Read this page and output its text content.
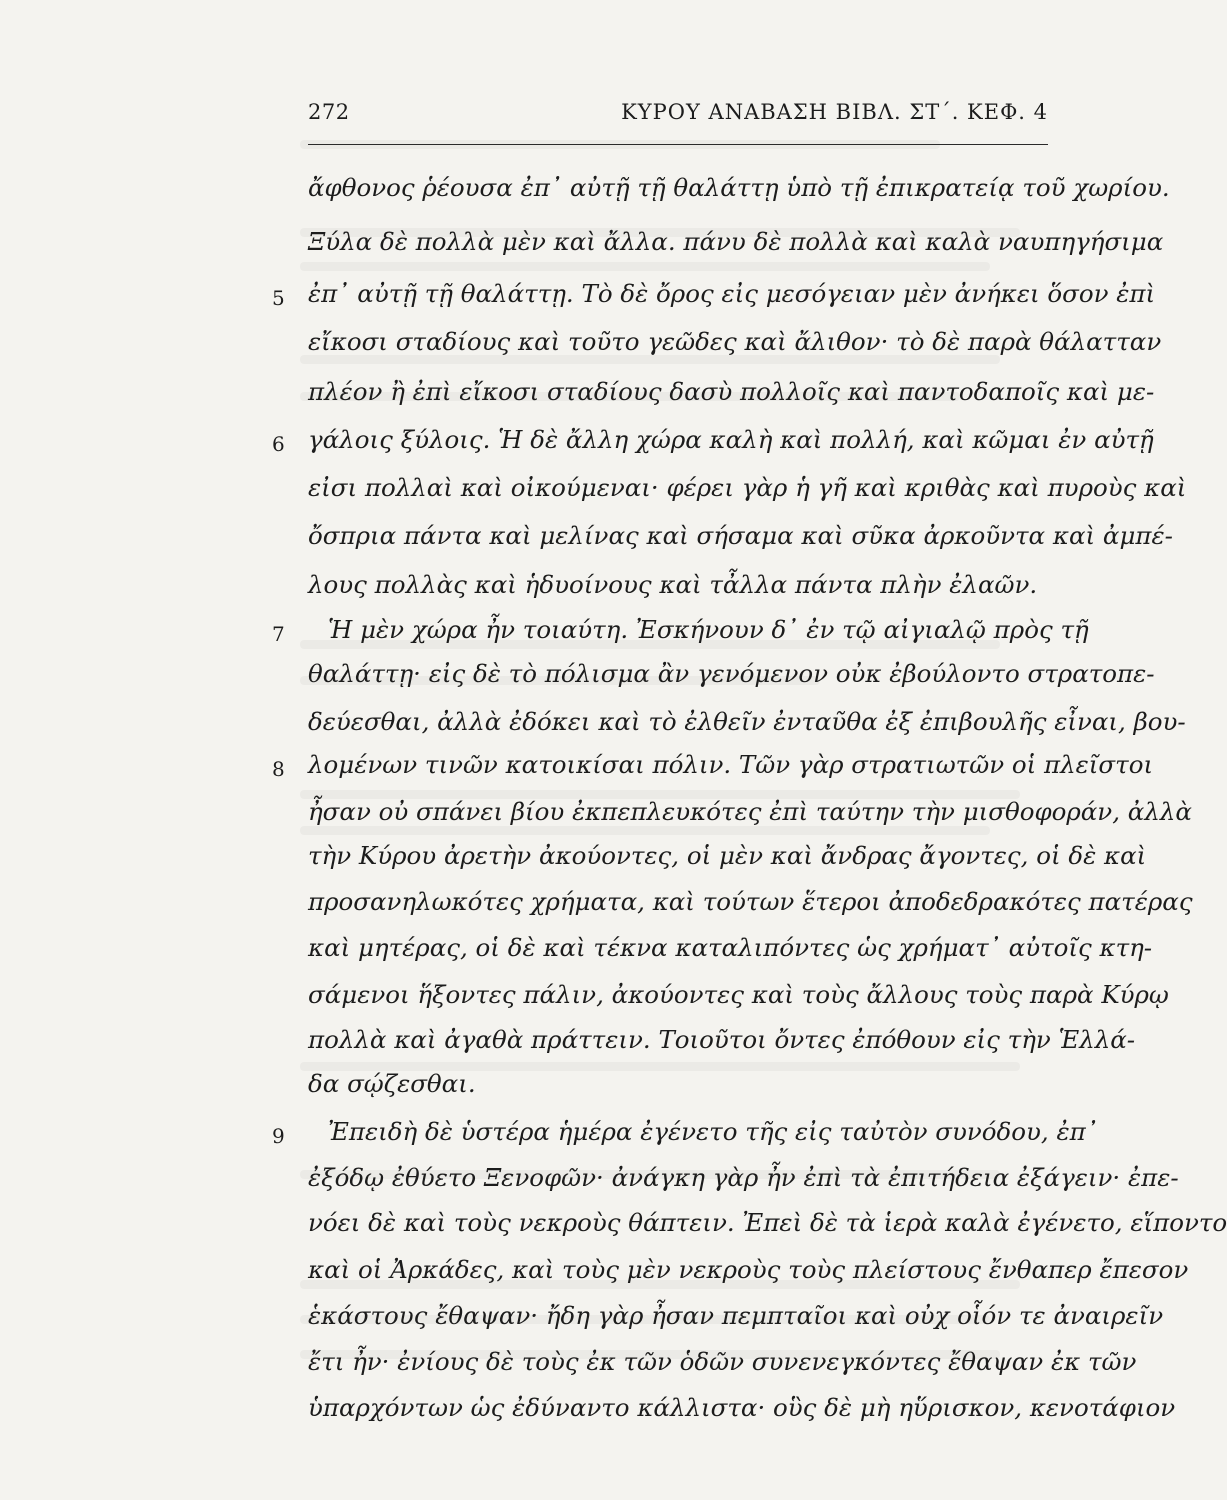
272	ΚΥΡΟΥ ΑΝΑΒΑΣΗ ΒΙΒΛ. ΣΤ΄. ΚΕΦ. 4
ἄφθονος ῥέουσα ἐπ᾽ αὐτῇ τῇ θαλάττῃ ὑπὸ τῇ ἐπικρατείᾳ τοῦ χωρίου.
Ξύλα δὲ πολλὰ μὲν καὶ ἄλλα. πάνυ δὲ πολλὰ καὶ καλὰ ναυπηγήσιμα
ἐπ᾽ αὐτῇ τῇ θαλάττῃ. Τὸ δὲ ὄρος εἰς μεσόγειαν μὲν ἀνήκει ὅσον ἐπὶ
εἴκοσι σταδίους καὶ τοῦτο γεῶδες καὶ ἄλιθον· τὸ δὲ παρὰ θάλατταν
πλέον ἢ ἐπὶ εἴκοσι σταδίους δασὺ πολλοῖς καὶ παντοδαποῖς καὶ με-
γάλοις ξύλοις. Ἡ δὲ ἄλλη χώρα καλὴ καὶ πολλή, καὶ κῶμαι ἐν αὐτῇ
εἰσι πολλαὶ καὶ οἰκούμεναι· φέρει γὰρ ἡ γῆ καὶ κριθὰς καὶ πυροὺς καὶ
ὄσπρια πάντα καὶ μελίνας καὶ σήσαμα καὶ σῦκα ἀρκοῦντα καὶ ἀμπέ-
λους πολλὰς καὶ ἡδυοίνους καὶ τἆλλα πάντα πλὴν ἐλαῶν.
Ἡ μὲν χώρα ἦν τοιαύτη. Ἐσκήνουν δ᾽ ἐν τῷ αἰγιαλῷ πρὸς τῇ
θαλάττῃ· εἰς δὲ τὸ πόλισμα ἂν γενόμενον οὐκ ἐβούλοντο στρατοπε-
δεύεσθαι, ἀλλὰ ἐδόκει καὶ τὸ ἐλθεῖν ἐνταῦθα ἐξ ἐπιβουλῆς εἶναι, βου-
λομένων τινῶν κατοικίσαι πόλιν. Τῶν γὰρ στρατιωτῶν οἱ πλεῖστοι
ἦσαν οὐ σπάνει βίου ἐκπεπλευκότες ἐπὶ ταύτην τὴν μισθοφοράν, ἀλλὰ
τὴν Κύρου ἀρετὴν ἀκούοντες, οἱ μὲν καὶ ἄνδρας ἄγοντες, οἱ δὲ καὶ
προσανηλωκότες χρήματα, καὶ τούτων ἕτεροι ἀποδεδρακότες πατέρας
καὶ μητέρας, οἱ δὲ καὶ τέκνα καταλιπόντες ὡς χρήματ᾽ αὐτοῖς κτη-
σάμενοι ἥξοντες πάλιν, ἀκούοντες καὶ τοὺς ἄλλους τοὺς παρὰ Κύρῳ
πολλὰ καὶ ἀγαθὰ πράττειν. Τοιοῦτοι ὄντες ἐπόθουν εἰς τὴν Ἑλλά-
δα σῴζεσθαι.
Ἐπειδὴ δὲ ὑστέρα ἡμέρα ἐγένετο τῆς εἰς ταὐτὸν συνόδου, ἐπ᾽
ἐξόδῳ ἐθύετο Ξενοφῶν· ἀνάγκη γὰρ ἦν ἐπὶ τὰ ἐπιτήδεια ἐξάγειν· ἐπε-
νόει δὲ καὶ τοὺς νεκροὺς θάπτειν. Ἐπεὶ δὲ τὰ ἱερὰ καλὰ ἐγένετο, εἵποντο
καὶ οἱ Ἀρκάδες, καὶ τοὺς μὲν νεκροὺς τοὺς πλείστους ἔνθαπερ ἔπεσον
ἑκάστους ἔθαψαν· ἤδη γὰρ ἦσαν πεμπταῖοι καὶ οὐχ οἷόν τε ἀναιρεῖν
ἔτι ἦν· ἐνίους δὲ τοὺς ἐκ τῶν ὁδῶν συνενεγκόντες ἔθαψαν ἐκ τῶν
ὑπαρχόντων ὡς ἐδύναντο κάλλιστα· οὓς δὲ μὴ ηὕρισκον, κενοτάφιον
5
6
7
8
9
